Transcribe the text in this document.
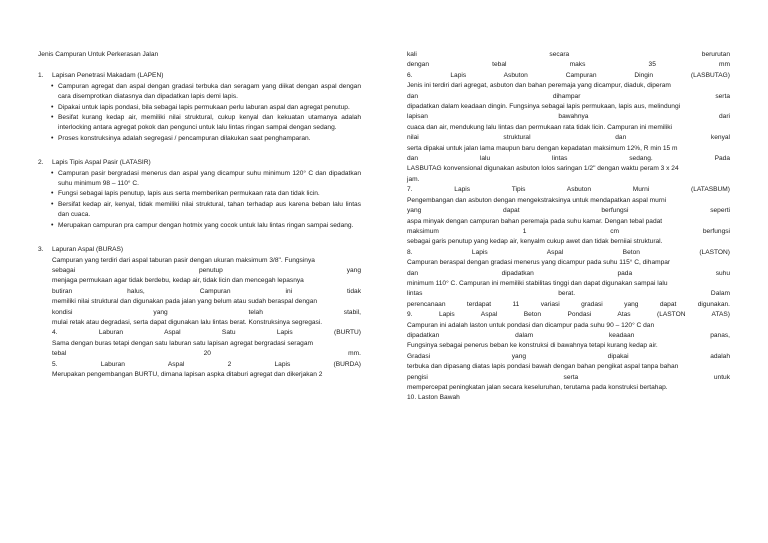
Jenis Campuran Untuk Perkerasan Jalan
1. Lapisan Penetrasi Makadam (LAPEN)
• Campuran agregat dan aspal dengan gradasi terbuka dan seragam yang diikat dengan aspal dengan cara disemprotkan diatasnya dan dipadatkan lapis demi lapis.
• Dipakai untuk lapis pondasi, bila sebagai lapis permukaan perlu laburan aspal dan agregat penutup.
• Besifat kurang kedap air, memiliki nilai struktural, cukup kenyal dan kekuatan utamanya adalah interlocking antara agregat pokok dan pengunci untuk lalu lintas ringan sampai dengan sedang.
• Proses konstruksinya adalah segregasi / pencampuran dilakukan saat penghamparan.
2. Lapis Tipis Aspal Pasir (LATASIR)
• Campuran pasir bergradasi menerus dan aspal yang dicampur suhu minimum 120° C dan dipadatkan suhu minimum 98 – 110° C.
• Fungsi sebagai lapis penutup, lapis aus serta memberikan permukaan rata dan tidak licin.
• Bersifat kedap air, kenyal, tidak memiliki nilai struktural, tahan terhadap aus karena beban lalu lintas dan cuaca.
• Merupakan campuran pra campur dengan hotmix yang cocok untuk lalu lintas ringan sampai sedang.
3. Lapuran Aspal (BURAS)
Campuran yang terdiri dari aspal taburan pasir dengan ukuran maksimum 3/8". Fungsinya
sebagai penutup yang
menjaga permukaan agar tidak berdebu, kedap air, tidak licin dan mencegah lepasnya
butiran halus, Campuran ini tidak
memiliki nilai struktural dan digunakan pada jalan yang belum atau sudah beraspal dengan
kondisi yang telah stabil,
mulai retak atau degradasi, serta dapat digunakan lalu lintas berat. Konstruksinya segregasi.
4. Laburan Aspal Satu Lapis (BURTU)
Sama dengan buras tetapi dengan satu laburan satu lapisan agregat bergradasi seragam
tebal 20 mm.
5. Laburan Aspal 2 Lapis (BURDA)
Merupakan pengembangan BURTU, dimana lapisan aspka ditaburi agregat dan dikerjakan 2
kali secara berurutan
dengan tebal maks 35 mm
6. Lapis Asbuton Campuran Dingin (LASBUTAG)
Jenis ini terdiri dari agregat, asbuton dan bahan peremaja yang dicampur, diaduk, diperam
dan dihampar serta
dipadatkan dalam keadaan dingin. Fungsinya sebagai lapis permukaan, lapis aus, melindungi
lapisan bawahnya dari
cuaca dan air, mendukung lalu lintas dan permukaan rata tidak licin. Campuran ini memiliki
nilai struktural dan kenyal
serta dipakai untuk jalan lama maupun baru dengan kepadatan maksimum 12%, R min 15 m
dan lalu lintas sedang. Pada
LASBUTAG konvensional digunakan asbuton lolos saringan 1/2" dengan waktu peram 3 x 24
jam.
7. Lapis Tipis Asbuton Murni (LATASBUM)
Pengembangan dan asbuton dengan mengekstraksinya untuk mendapatkan aspal murni
yang dapat berfungsi seperti
aspa minyak dengan campuran bahan peremaja pada suhu kamar. Dengan tebal padat
maksimum 1 cm berfungsi
sebagai garis penutup yang kedap air, kenyalm cukup awet dan tidak berniiai struktural.
8. Lapis Aspal Beton (LASTON)
Campuran beraspal dengan gradasi menerus yang dicampur pada suhu 115° C, dihampar
dan dipadatkan pada suhu
minimum 110° C. Campuran ini memiliki stabilitas tinggi dan dapat digunakan sampai lalu
lintas berat. Dalam
perencanaan terdapat 11 variasi gradasi yang dapat digunakan.
9. Lapis Aspal Beton Pondasi Atas (LASTON ATAS)
Campuran ini adalah laston untuk pondasi dan dicampur pada suhu 90 – 120° C dan
dipadatkan dalam keadaan panas,
Fungsinya sebagai penerus beban ke konstruksi di bawahnya tetapi kurang kedap air.
Gradasi yang dipakai adalah
terbuka dan dipasang diatas lapis pondasi bawah dengan bahan pengikat aspal tanpa bahan
pengisi serta untuk
mempercepat peningkatan jalan secara keseluruhan, terutama pada konstruksi bertahap.
10. Laston Bawah
